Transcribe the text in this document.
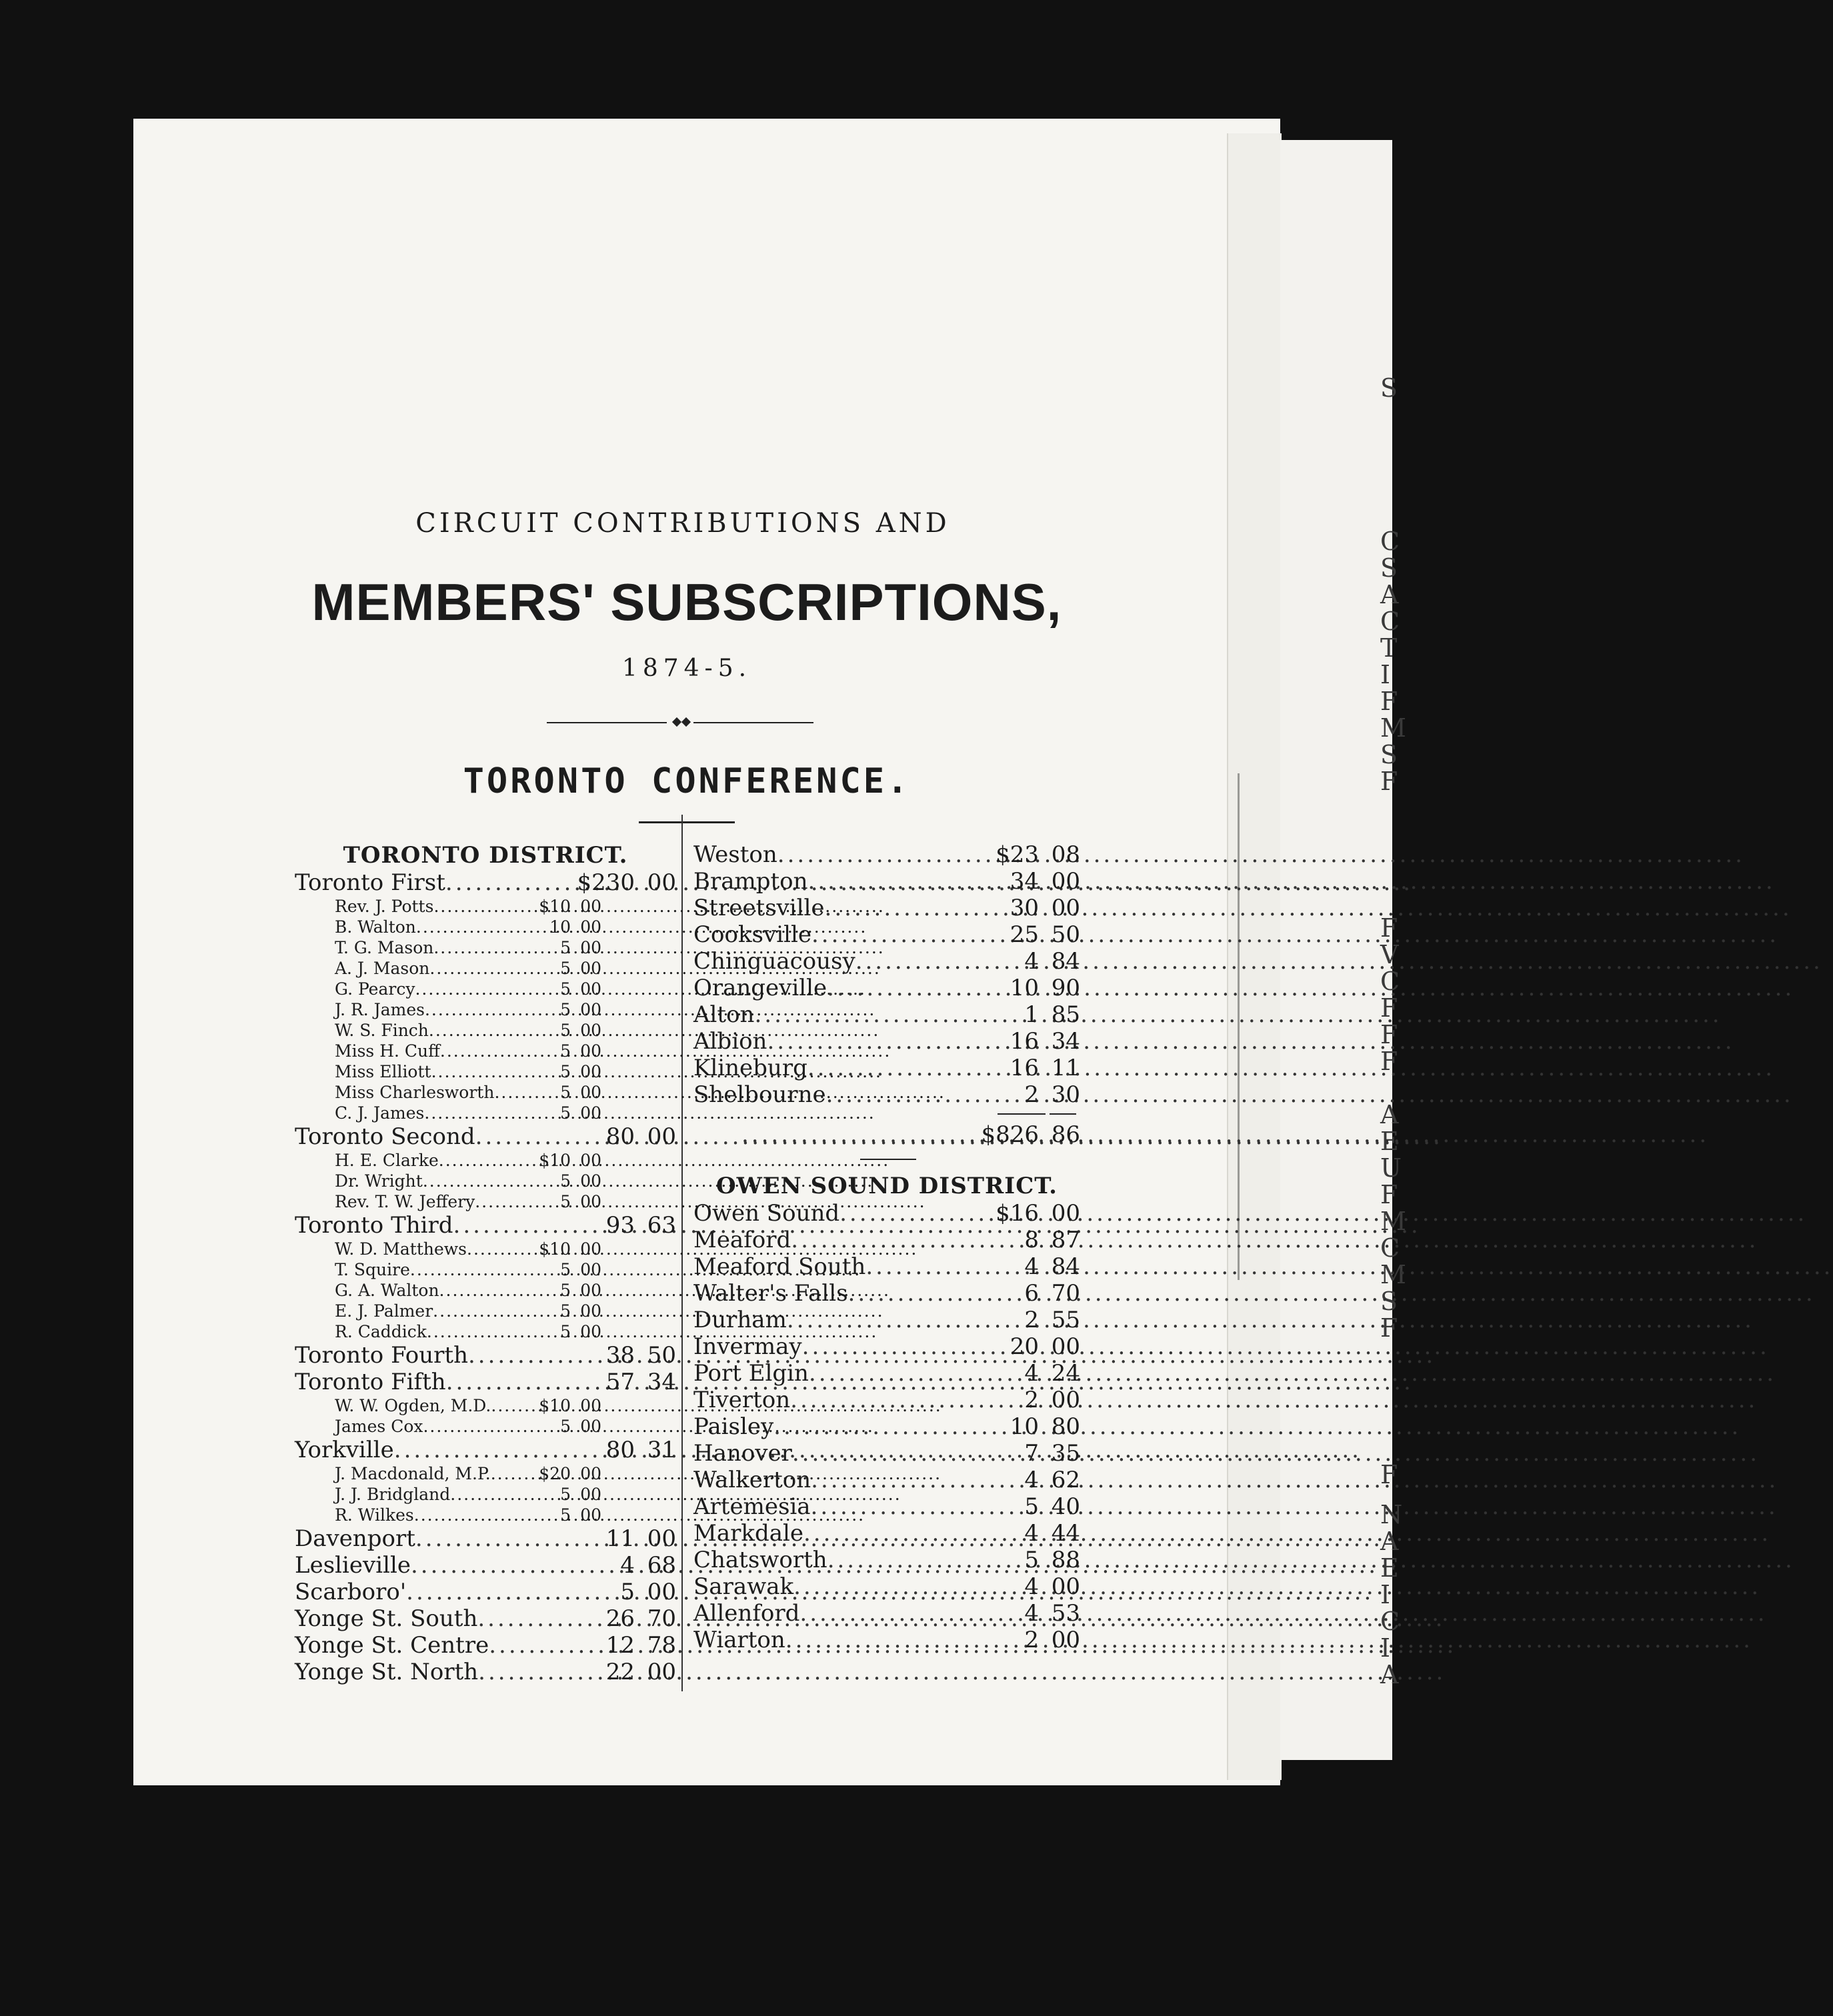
S
C
S
A
C
T
I
F
M
S
F
F
V
C
F
F
F
A
E
U
F
M
C
M
S
F
F
N
A
E
I
C
I
A
CIRCUIT CONTRIBUTIONS AND
MEMBERS' SUBSCRIPTIONS,
1874-5.
TORONTO CONFERENCE.
TORONTO DISTRICT.
Toronto First .....	$230 00
Rev. J. Potts .....	$10 00
B. Walton .....	10 00
T. G. Mason .....	5 00
A. J. Mason .....	5 00
G. Pearcy .....	5 00
J. R. James .....	5 00
W. S. Finch .....	5 00
Miss H. Cuff .....	5 00
Miss Elliott .....	5 00
Miss Charlesworth .....	5 00
C. J. James .....	5 00
Toronto Second .....	80 00
H. E. Clarke .....	$10 00
Dr. Wright .....	5 00
Rev. T. W. Jeffery .....	5 00
Toronto Third .....	93 63
W. D. Matthews .....	$10 00
T. Squire .....	5 00
G. A. Walton .....	5 00
E. J. Palmer .....	5 00
R. Caddick .....	5 00
Toronto Fourth .....	38 50
Toronto Fifth .....	57 34
W. W. Ogden, M.D. .....	$10 00
James Cox .....	5 00
Yorkville .....	80 31
J. Macdonald, M.P. .....	$20 00
J. J. Bridgland .....	5 00
R. Wilkes .....	5 00
Davenport .....	11 00
Leslieville .....	4 68
Scarboro' .....	5 00
Yonge St. South .....	26 70
Yonge St. Centre .....	12 78
Yonge St. North .....	22 00
Weston .....	$23 08
Brampton .....	34 00
Streetsville .....	30 00
Cooksville .....	25 50
Chinguacousy .....	4 84
Orangeville .....	10 90
Alton .....	1 85
Albion .....	16 34
Klineburg .....	16 11
Shelbourne .....	2 30
.....
$826 86
OWEN SOUND DISTRICT.
Owen Sound .....	$16 00
Meaford .....	8 87
Meaford South .....	4 84
Walter's Falls .....	6 70
Durham .....	2 55
Invermay .....	20 00
Port Elgin .....	4 24
Tiverton .....	2 00
Paisley .....	10 80
Hanover .....	7 35
Walkerton .....	4 62
Artemesia .....	5 40
Markdale .....	4 44
Chatsworth .....	5 88
Sarawak .....	4 00
Allenford .....	4 53
Wiarton .....	2 00
